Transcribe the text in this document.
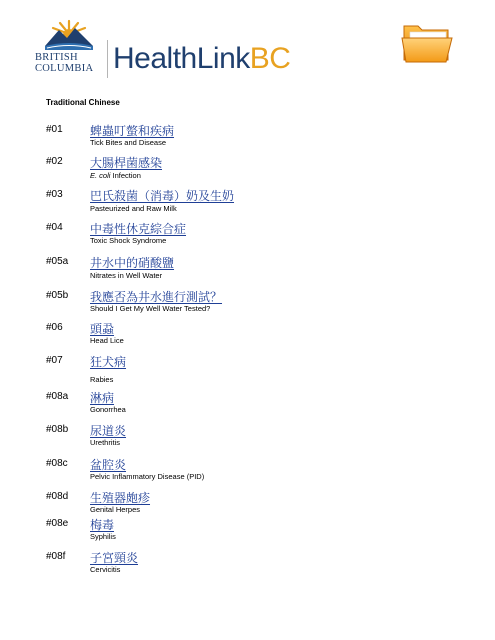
BRITISH
COLUMBIA HealthLinkBC
Traditional Chinese
#01 蜱蟲叮螫和疾病
Tick Bites and Disease
#02 大腸桿菌感染
E. coli Infection
#03 巴氏殺菌（消毒）奶及生奶
Pasteurized and Raw Milk
#04 中毒性休克綜合症
Toxic Shock Syndrome
#05a 井水中的硝酸鹽
Nitrates in Well Water
#05b 我應否為井水進行測試？
Should I Get My Well Water Tested?
#06 頭蝨
Head Lice
#07 狂犬病
Rabies
#08a 淋病
Gonorrhea
#08b 尿道炎
Urethritis
#08c 盆腔炎
Pelvic Inflammatory Disease (PID)
#08d 生殖器皰疹
Genital Herpes
#08e 梅毒
Syphilis
#08f 子宮頸炎
Cervicitis
